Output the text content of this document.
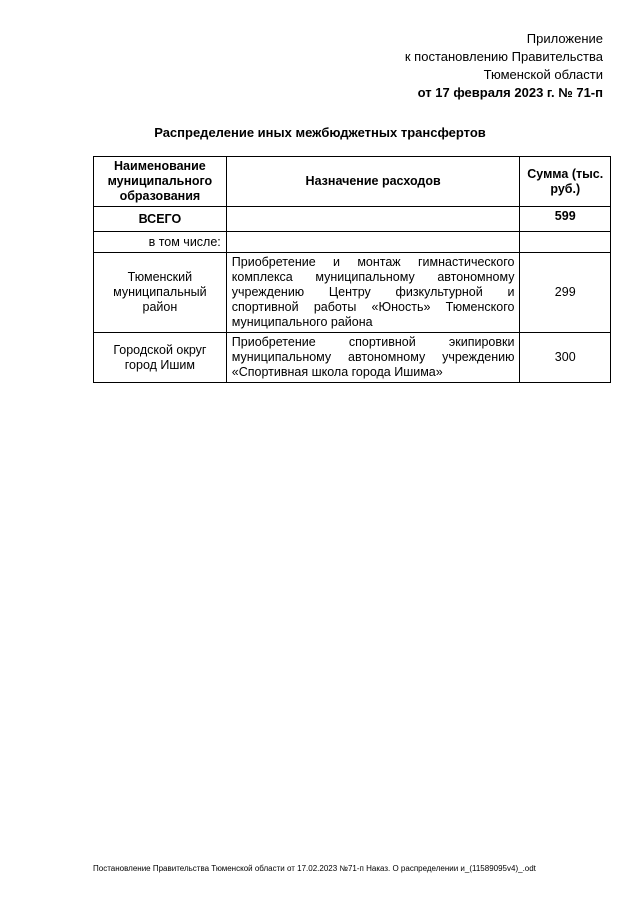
Приложение
к постановлению Правительства
Тюменской области
от 17 февраля 2023 г. № 71-п
Распределение иных межбюджетных трансфертов
Наименование муниципального образования	Назначение расходов	Сумма (тыс. руб.)
ВСЕГО		599
в том числе:		
Тюменский муниципальный район	Приобретение и монтаж гимнастического комплекса муниципальному автономному учреждению Центру физкультурной и спортивной работы «Юность» Тюменского муниципального района	299
Городской округ город Ишим	Приобретение спортивной экипировки муниципальному автономному учреждению «Спортивная школа города Ишима»	300
Постановление Правительства Тюменской области от 17.02.2023 №71-п Наказ. О распределении и_(11589095v4)_.odt
